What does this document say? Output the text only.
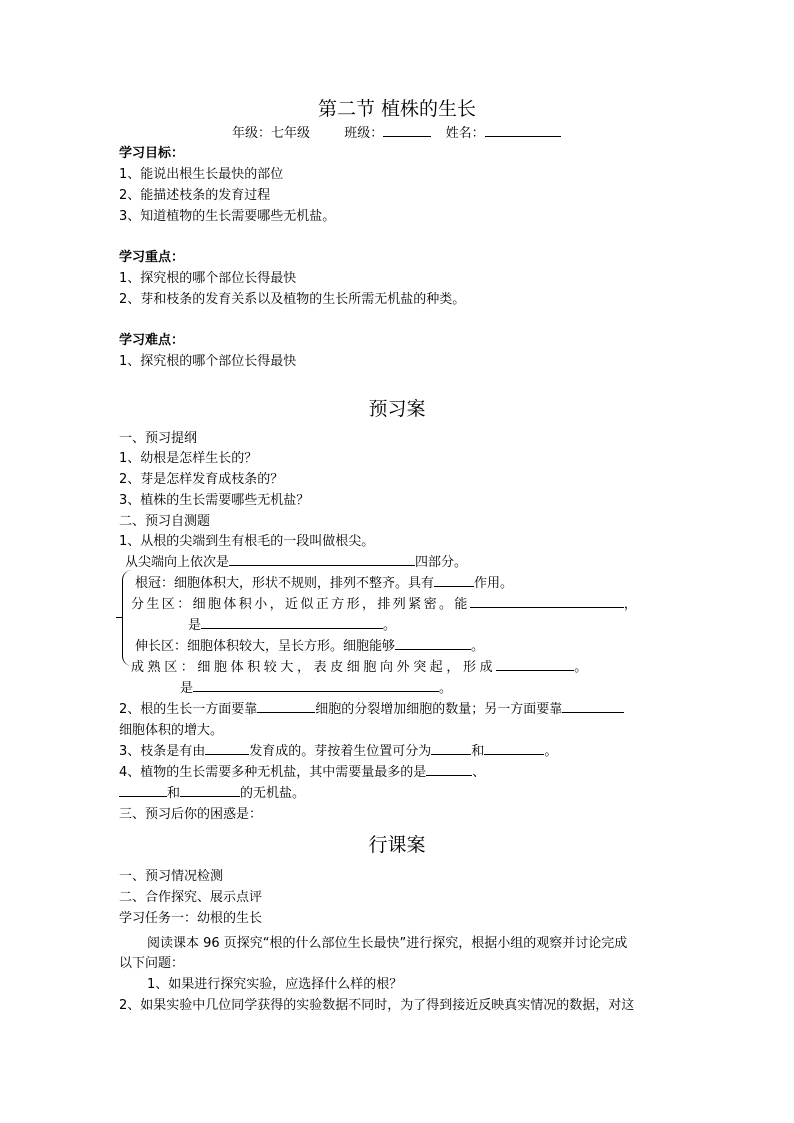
第二节 植株的生长
年级：七年级	班级：	姓名：
学习目标：
1、能说出根生长最快的部位
2、能描述枝条的发育过程
3、知道植物的生长需要哪些无机盐。
学习重点：
1、探究根的哪个部位长得最快
2、芽和枝条的发育关系以及植物的生长所需无机盐的种类。
学习难点：
1、探究根的哪个部位长得最快
预习案
一、预习提纲
1、幼根是怎样生长的？
2、芽是怎样发育成枝条的？
3、植株的生长需要哪些无机盐？
二、预习自测题
1、从根的尖端到生有根毛的一段叫做根尖。
从尖端向上依次是	四部分。
根冠：细胞体积大，形状不规则，排列不整齐。具有	作用。
分生区：细胞体积小，近似正方形，排列紧密。能	，
是	。
伸长区：细胞体积较大，呈长方形。细胞能够	。
成熟区：细胞体积较大，表皮细胞向外突起，形成	。
是	。
2、根的生长一方面要靠	细胞的分裂增加细胞的数量；另一方面要靠
细胞体积的增大。
3、枝条是有由	发育成的。芽按着生位置可分为	和	。
4、植物的生长需要多种无机盐，其中需要量最多的是	、
和	的无机盐。
三、预习后你的困惑是：
行课案
一、预习情况检测
二、合作探究、展示点评
学习任务一：幼根的生长
阅读课本 96 页探究“根的什么部位生长最快”进行探究，根据小组的观察并讨论完成
以下问题：
1、如果进行探究实验，应选择什么样的根？
2、如果实验中几位同学获得的实验数据不同时，为了得到接近反映真实情况的数据，对这
